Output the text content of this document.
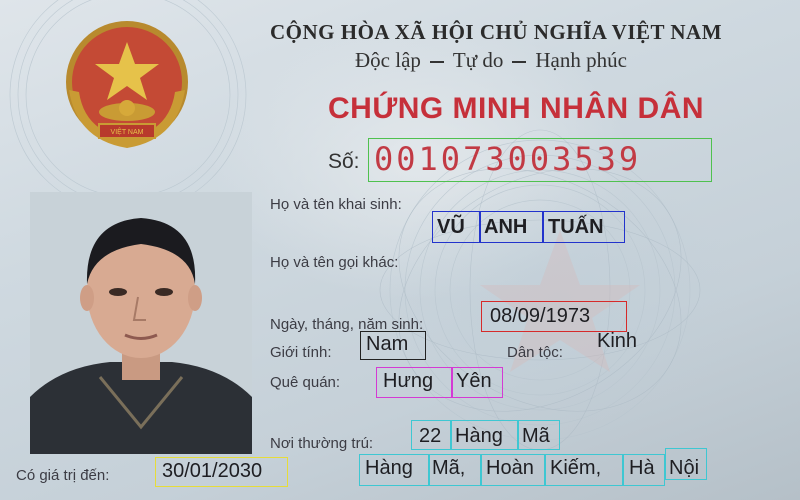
VIỆT NAM
CỘNG HÒA XÃ HỘI CHỦ NGHĨA VIỆT NAM
Độc lập Tự do Hạnh phúc
CHỨNG MINH NHÂN DÂN
Số: 001073003539
Họ và tên khai sinh:
VŨ ANH TUẤN
Họ và tên gọi khác:
Ngày, tháng, năm sinh:	08/09/1973
Giới tính: Nam	Dân tộc:
Kinh
Quê quán: Hưng Yên
Nơi thường trú: 22 Hàng Mã
Hàng Mã, Hoàn Kiếm, Hà Nội
Có giá trị đến:	30/01/2030
